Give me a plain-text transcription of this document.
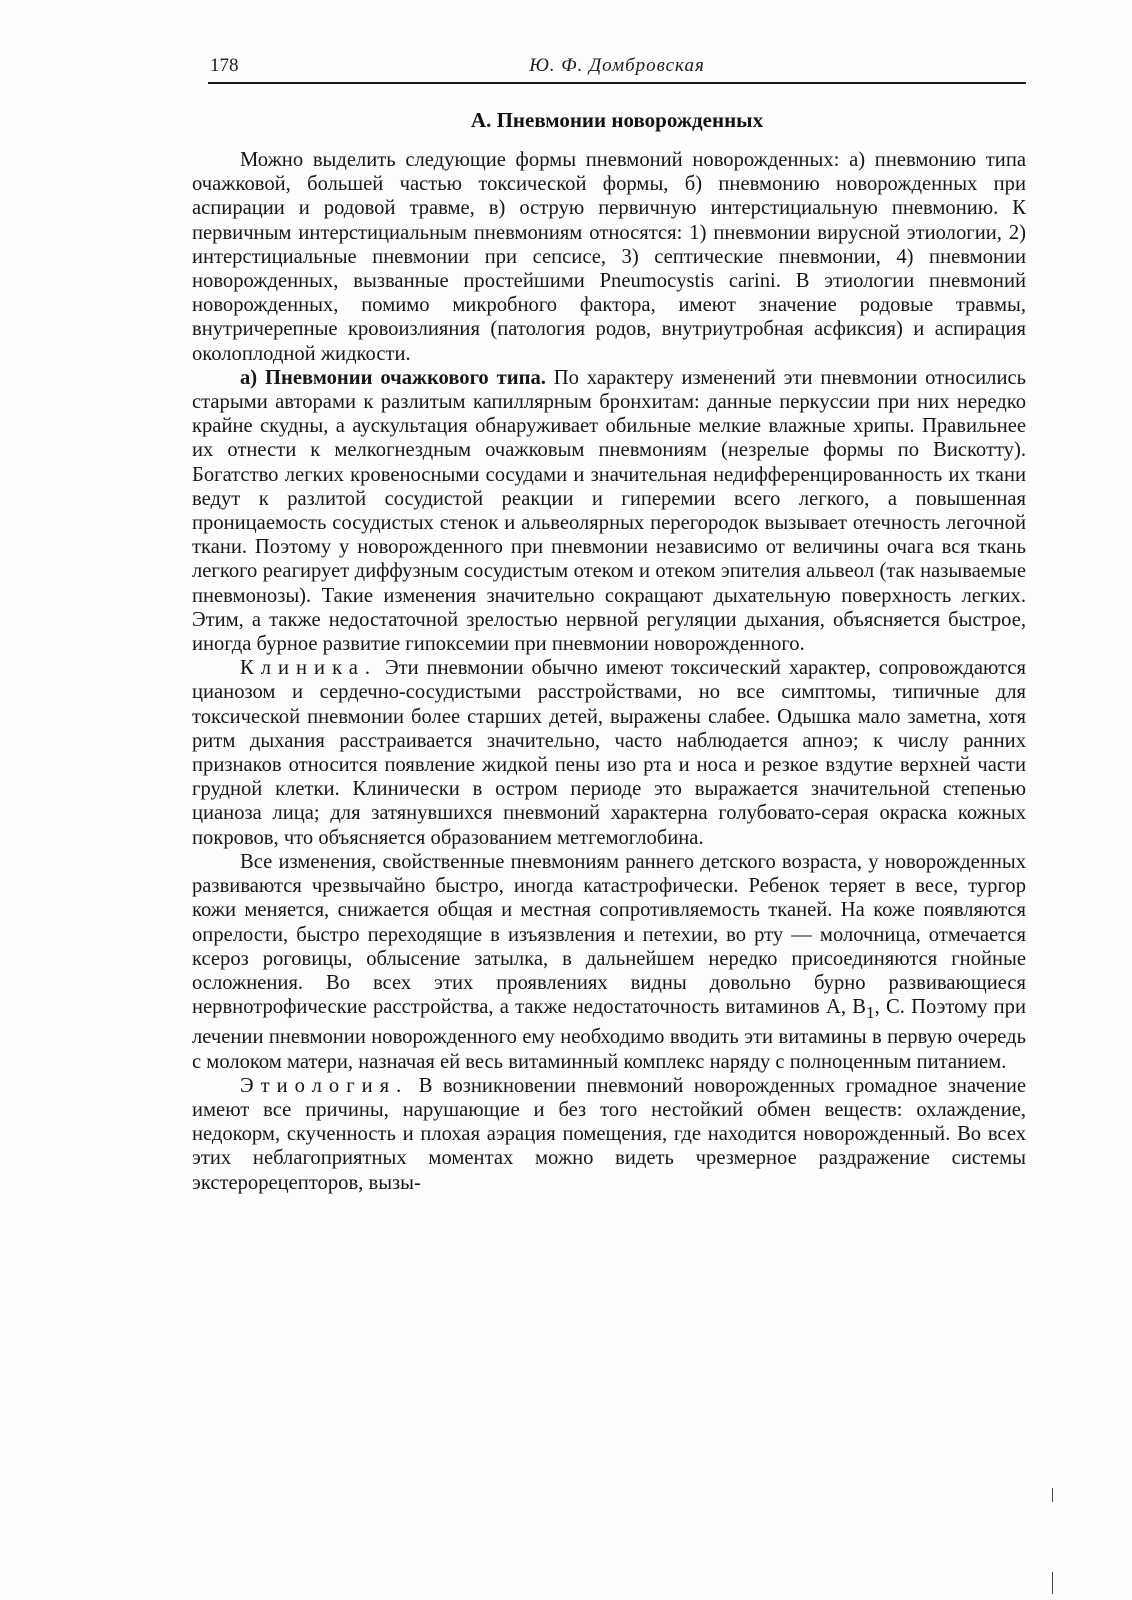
178	Ю. Ф. Домбровская
А. Пневмонии новорожденных

Можно выделить следующие формы пневмоний новорожденных: а) пневмонию типа очажковой, большей частью токсической формы, б) пневмонию новорожденных при аспирации и родовой травме, в) острую первичную интерстициальную пневмонию. К первичным интерстициальным пневмониям относятся: 1) пневмонии вирусной этиологии, 2) интерстициальные пневмонии при сепсисе, 3) септические пневмонии, 4) пневмонии новорожденных, вызванные простейшими Pneumocystis carini. В этиологии пневмоний новорожденных, помимо микробного фактора, имеют значение родовые травмы, внутричерепные кровоизлияния (патология родов, внутриутробная асфиксия) и аспирация околоплодной жидкости.

а) Пневмонии очажкового типа. По характеру изменений эти пневмонии относились старыми авторами к разлитым капиллярным бронхитам: данные перкуссии при них нередко крайне скудны, а аускультация обнаруживает обильные мелкие влажные хрипы. Правильнее их отнести к мелкогнездным очажковым пневмониям (незрелые формы по Вискотту). Богатство легких кровеносными сосудами и значительная недифференцированность их ткани ведут к разлитой сосудистой реакции и гиперемии всего легкого, а повышенная проницаемость сосудистых стенок и альвеолярных перегородок вызывает отечность легочной ткани. Поэтому у новорожденного при пневмонии независимо от величины очага вся ткань легкого реагирует диффузным сосудистым отеком и отеком эпителия альвеол (так называемые пневмонозы). Такие изменения значительно сокращают дыхательную поверхность легких. Этим, а также недостаточной зрелостью нервной регуляции дыхания, объясняется быстрое, иногда бурное развитие гипоксемии при пневмонии новорожденного.

Клиника. Эти пневмонии обычно имеют токсический характер, сопровождаются цианозом и сердечно-сосудистыми расстройствами, но все симптомы, типичные для токсической пневмонии более старших детей, выражены слабее. Одышка мало заметна, хотя ритм дыхания расстраивается значительно, часто наблюдается апноэ; к числу ранних признаков относится появление жидкой пены изо рта и носа и резкое вздутие верхней части грудной клетки. Клинически в остром периоде это выражается значительной степенью цианоза лица; для затянувшихся пневмоний характерна голубовато-серая окраска кожных покровов, что объясняется образованием метгемоглобина.

Все изменения, свойственные пневмониям раннего детского возраста, у новорожденных развиваются чрезвычайно быстро, иногда катастрофически. Ребенок теряет в весе, тургор кожи меняется, снижается общая и местная сопротивляемость тканей. На коже появляются опрелости, быстро переходящие в изъязвления и петехии, во рту — молочница, отмечается ксероз роговицы, облысение затылка, в дальнейшем нередко присоединяются гнойные осложнения. Во всех этих проявлениях видны довольно бурно развивающиеся нервнотрофические расстройства, а также недостаточность витаминов А, $B_1$, С. Поэтому при лечении пневмонии новорожденного ему необходимо вводить эти витамины в первую очередь с молоком матери, назначая ей весь витаминный комплекс наряду с полноценным питанием.

Этиология. В возникновении пневмоний новорожденных громадное значение имеют все причины, нарушающие и без того нестойкий обмен веществ: охлаждение, недокорм, скученность и плохая аэрация помещения, где находится новорожденный. Во всех этих неблагоприятных моментах можно видеть чрезмерное раздражение системы экстерорецепторов, вызы-
